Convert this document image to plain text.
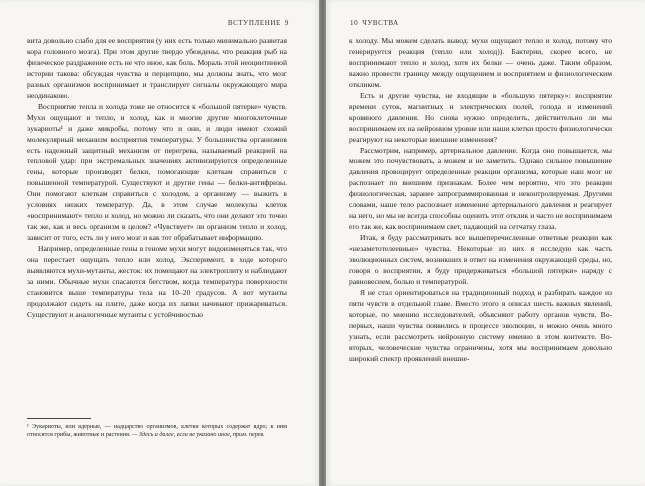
ВСТУПЛЕНИЕ 9

вита довольно слабо для ее восприятия (у них есть только минимально развитая кора головного мозга). При этом другие твердо убеждены, что реакция рыб на физическое раздражение есть не что иное, как боль. Мораль этой неоцинтинной истории такова: обсуждая чувства и перцепцию, мы должны знать, что мозг разных организмов воспринимает и транслирует сигналы окружающего мира неодинаково.

Восприятие тепла и холода тоже не относится к «большой пятерке» чувств. Мухи ощущают и тепло, и холод, как и многие другие многоклеточные эукариоты¹ и даже микробы, потому что и они, и люди имеют схожий молекулярный механизм восприятия температуры. У большинства организмов есть надежный защитный механизм от перегрева, называемый реакцией на тепловой удар: при экстремальных значениях активизируются определенные гены, которые производят белки, помогающие клеткам справиться с повышенной температурой. Существуют и другие гены — белки-антифризы. Они помогают клеткам справиться с холодом, а организму — выжить в условиях низких температур. Да, в этом случае молекулы клеток «воспринимают» тепло и холод, но можно ли сказать, что они делают это точно так же, как и весь организм в целом? «Чувствует» ли организм тепло и холод, зависит от того, есть ли у него мозг и как тот обрабатывает информацию.

Например, определенные гены в геноме мухи могут видоизменяться так, что она перестает ощущать тепло или холод. Эксперимент, в ходе которого выявляются мухи-мутанты, жесток: их помещают на электроплиту и наблюдают за ними. Обычные мухи спасаются бегством, когда температура поверхности становится выше температуры тела на 10–20 градусов. А вот мутанты продолжают сидеть на плите, даже когда их лапки начинают прижариваться. Существуют и аналогичные мутанты с устойчивостью

¹ Эукариоты, или ядерные, — надцарство организмов, клетки которых содержат ядро; к ним относятся грибы, животные и растения. — Здесь и далее, если не указано иное, прим. перев.
10 ЧУВСТВА

к холоду. Мы можем сделать вывод: мухи ощущают тепло и холод, потому что генерируется реакция (тепло или холод)). Бактерии, скорее всего, не воспринимают тепло и холод, хотя их белки — очень даже. Таким образом, важно провести границу между ощущением и восприятием и физиологическим откликом.

Есть и другие чувства, не входящие в «большую пятерку»: восприятие времени суток, магнитных и электрических полей, голода и изменений кровяного давления. Но снова нужно определить, действительно ли мы воспринимаем их на нейронном уровне или наши клетки просто физиологически реагируют на некоторые внешние изменения?

Рассмотрим, например, артериальное давление. Когда оно повышается, мы можем это почувствовать, а можем и не заметить. Однако сильное повышение давления провоцирует определенные реакции организма, которые наш мозг не распознает по внешним признакам. Более чем вероятно, что это реакции физиологическая, заранее запрограммированная и неконтролируемая. Другими словами, наше тело распознает изменение артериального давления и реагирует на него, но мы не всегда способны оценить этот отклик и часто не воспринимаем его так же, как воспринимаем свет, падающий на сетчатку глаза.

Итак, я буду рассматривать все вышеперечисленные ответные реакции как «незаметотелеевиые» чувства. Некоторые из них я исследую как часть эволюционных систем, возникших в ответ на изменения окружающей среды, но, говоря о восприятии, я буду придерживаться «большой пятерки» наряду с равновесием, болью и температурой.

Я не стал ориентироваться на традиционный подход и разбирать каждое из пяти чувств в отдельной главе. Вместо этого я описал шесть важных явлений, которые, по мнению исследователей, объясняют работу органов чувств. Во-первых, наши чувства появились в процессе эволюции, и можно очень много узнать, если рассмотреть нейронную систему именно в этом контексте. Во-вторых, человеческие чувства ограничены, хотя мы воспринимаем довольно широкий спектр проявлений внешне-
